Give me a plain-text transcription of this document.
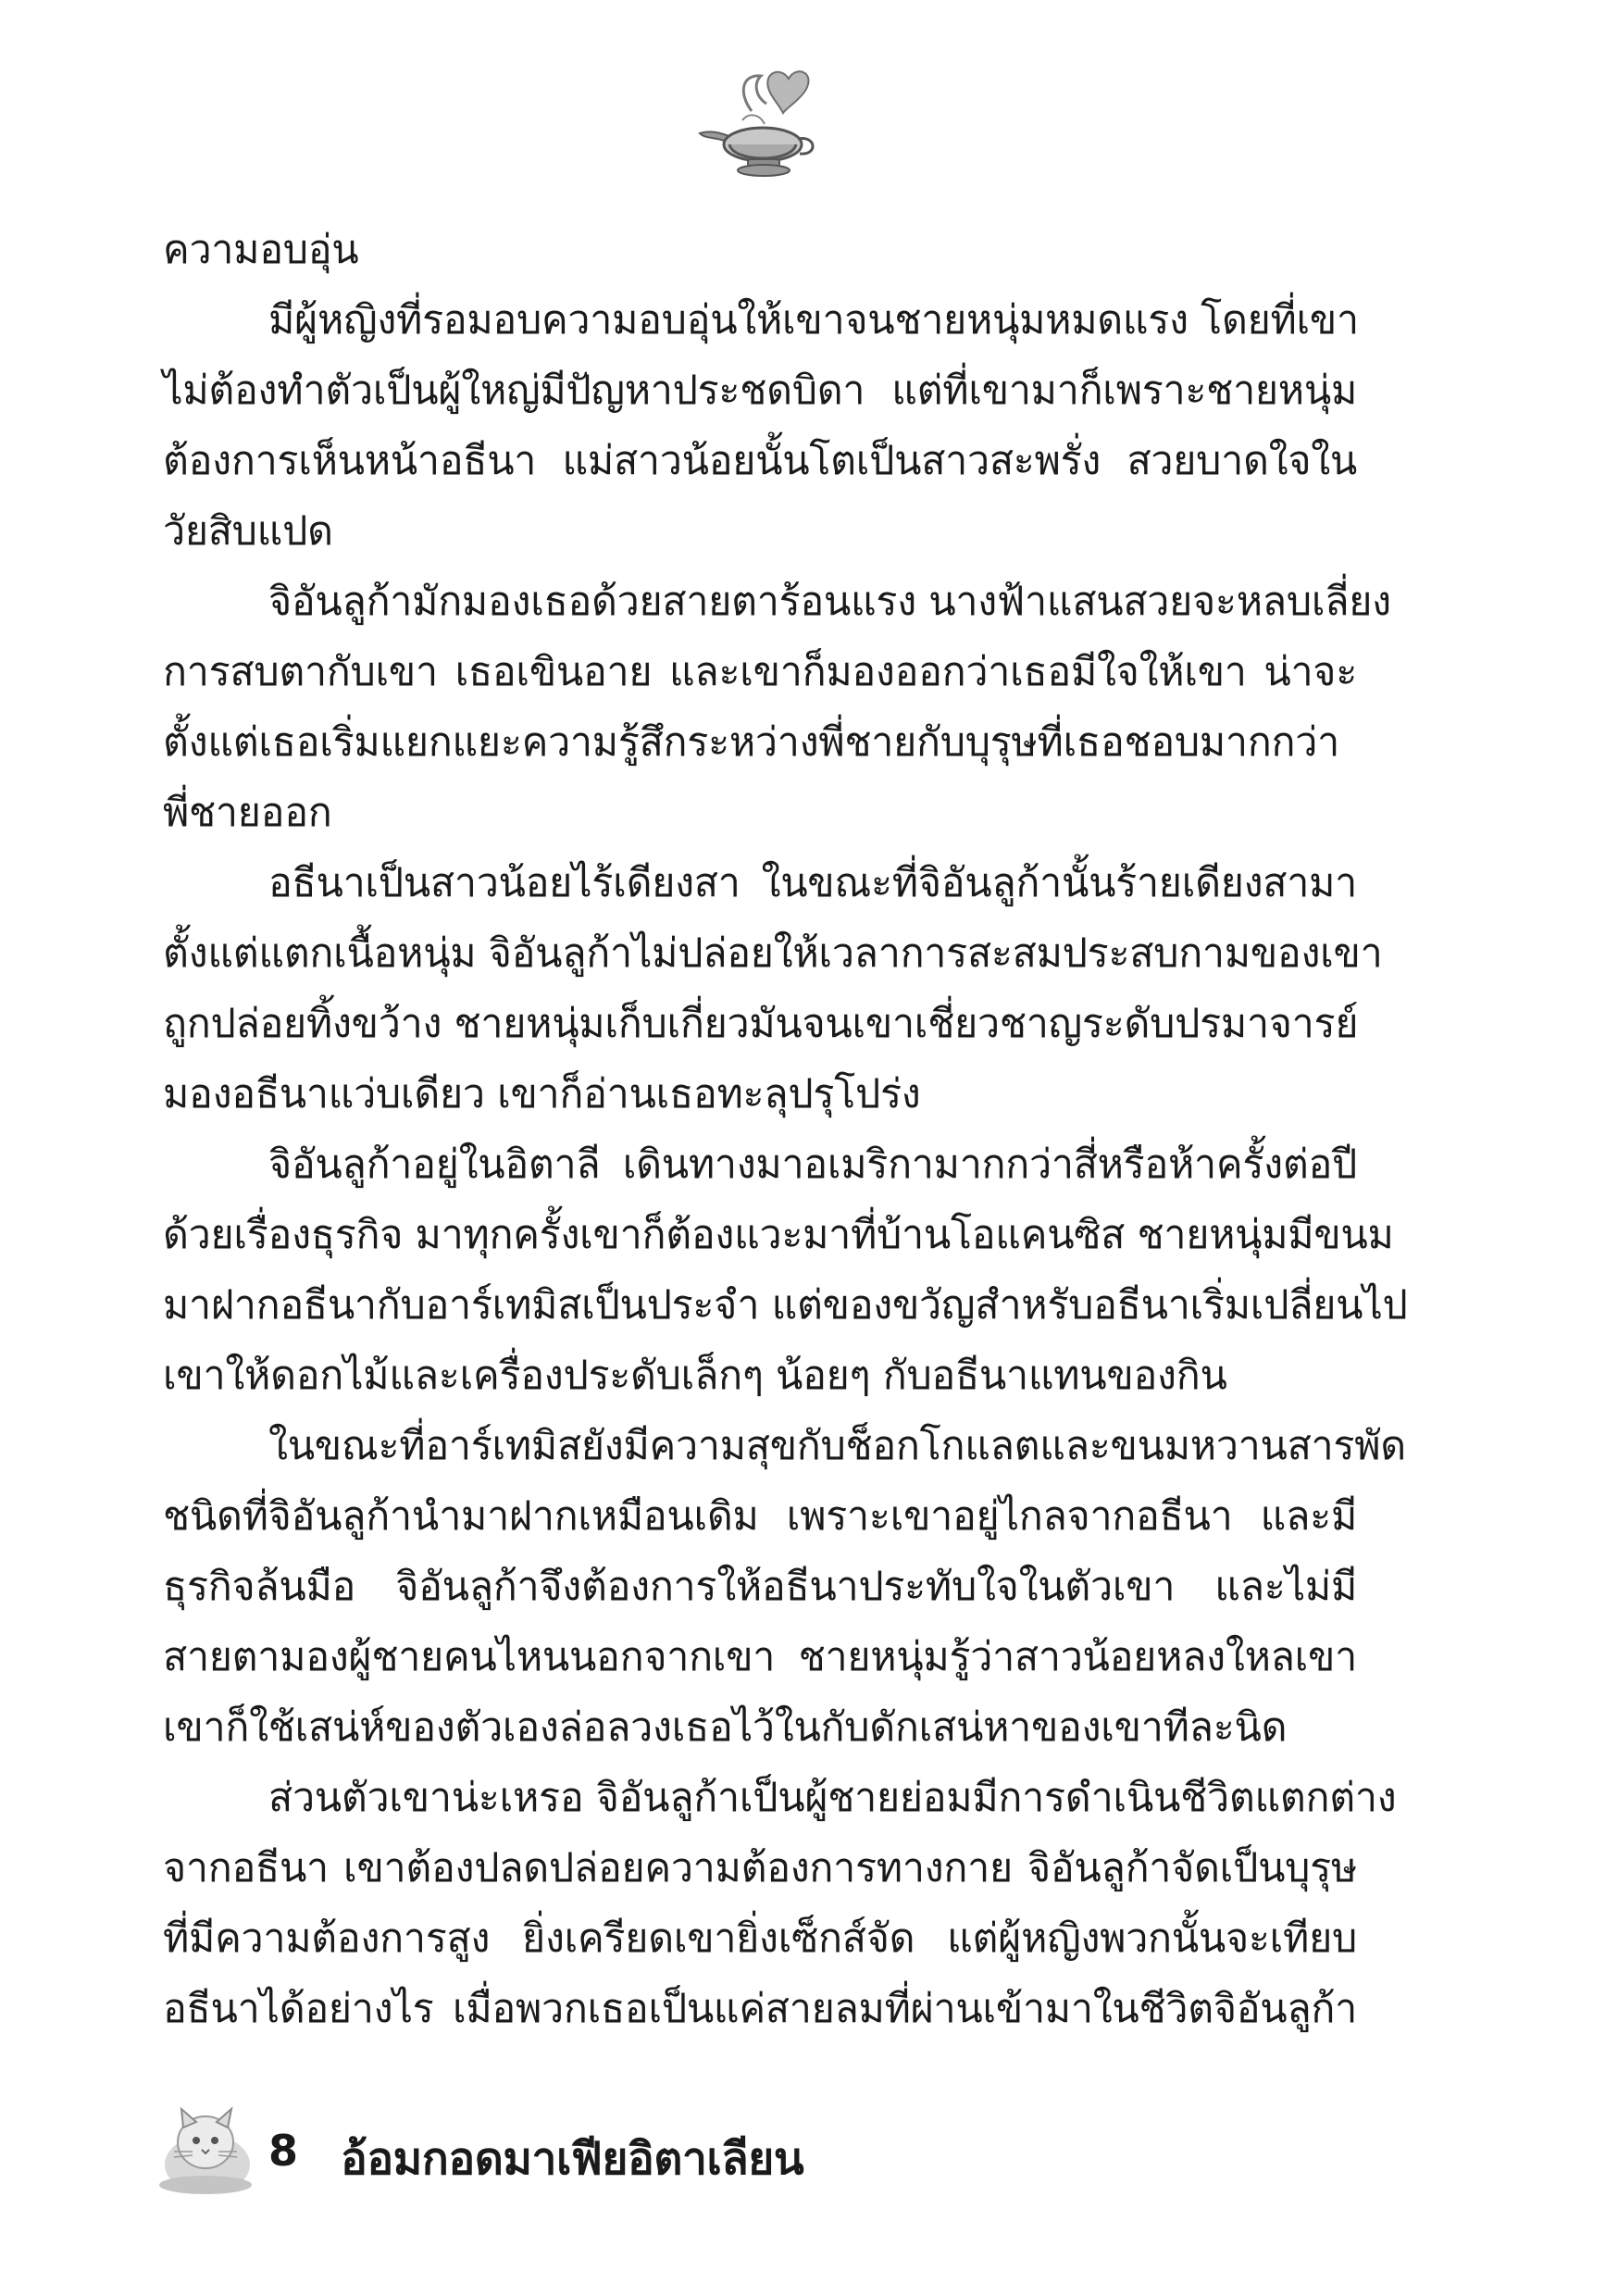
ความอบอุ่น
มีผู้หญิงที่รอมอบความอบอุ่นให้เขาจนชายหนุ่มหมดแรง โดยที่เขา
ไม่ต้องทำตัวเป็นผู้ใหญ่มีปัญหาประชดบิดา แต่ที่เขามาก็เพราะชายหนุ่ม
ต้องการเห็นหน้าอธีนา แม่สาวน้อยนั้นโตเป็นสาวสะพรั่ง สวยบาดใจใน
วัยสิบแปด
จิอันลูก้ามักมองเธอด้วยสายตาร้อนแรง นางฟ้าแสนสวยจะหลบเลี่ยง
การสบตากับเขา เธอเขินอาย และเขาก็มองออกว่าเธอมีใจให้เขา น่าจะ
ตั้งแต่เธอเริ่มแยกแยะความรู้สึกระหว่างพี่ชายกับบุรุษที่เธอชอบมากกว่า
พี่ชายออก
อธีนาเป็นสาวน้อยไร้เดียงสา ในขณะที่จิอันลูก้านั้นร้ายเดียงสามา
ตั้งแต่แตกเนื้อหนุ่ม จิอันลูก้าไม่ปล่อยให้เวลาการสะสมประสบกามของเขา
ถูกปล่อยทิ้งขว้าง ชายหนุ่มเก็บเกี่ยวมันจนเขาเชี่ยวชาญระดับปรมาจารย์
มองอธีนาแว่บเดียว เขาก็อ่านเธอทะลุปรุโปร่ง
จิอันลูก้าอยู่ในอิตาลี เดินทางมาอเมริกามากกว่าสี่หรือห้าครั้งต่อปี
ด้วยเรื่องธุรกิจ มาทุกครั้งเขาก็ต้องแวะมาที่บ้านโอแคนซิส ชายหนุ่มมีขนม
มาฝากอธีนากับอาร์เทมิสเป็นประจำ แต่ของขวัญสำหรับอธีนาเริ่มเปลี่ยนไป
เขาให้ดอกไม้และเครื่องประดับเล็กๆ น้อยๆ กับอธีนาแทนของกิน
ในขณะที่อาร์เทมิสยังมีความสุขกับช็อกโกแลตและขนมหวานสารพัด
ชนิดที่จิอันลูก้านำมาฝากเหมือนเดิม เพราะเขาอยู่ไกลจากอธีนา และมี
ธุรกิจล้นมือ จิอันลูก้าจึงต้องการให้อธีนาประทับใจในตัวเขา และไม่มี
สายตามองผู้ชายคนไหนนอกจากเขา ชายหนุ่มรู้ว่าสาวน้อยหลงใหลเขา
เขาก็ใช้เสน่ห์ของตัวเองล่อลวงเธอไว้ในกับดักเสน่หาของเขาทีละนิด
ส่วนตัวเขาน่ะเหรอ จิอันลูก้าเป็นผู้ชายย่อมมีการดำเนินชีวิตแตกต่าง
จากอธีนา เขาต้องปลดปล่อยความต้องการทางกาย จิอันลูก้าจัดเป็นบุรุษ
ที่มีความต้องการสูง ยิ่งเครียดเขายิ่งเซ็กส์จัด แต่ผู้หญิงพวกนั้นจะเทียบ
อธีนาได้อย่างไร เมื่อพวกเธอเป็นแค่สายลมที่ผ่านเข้ามาในชีวิตจิอันลูก้า
8 อ้อมกอดมาเฟียอิตาเลียน
